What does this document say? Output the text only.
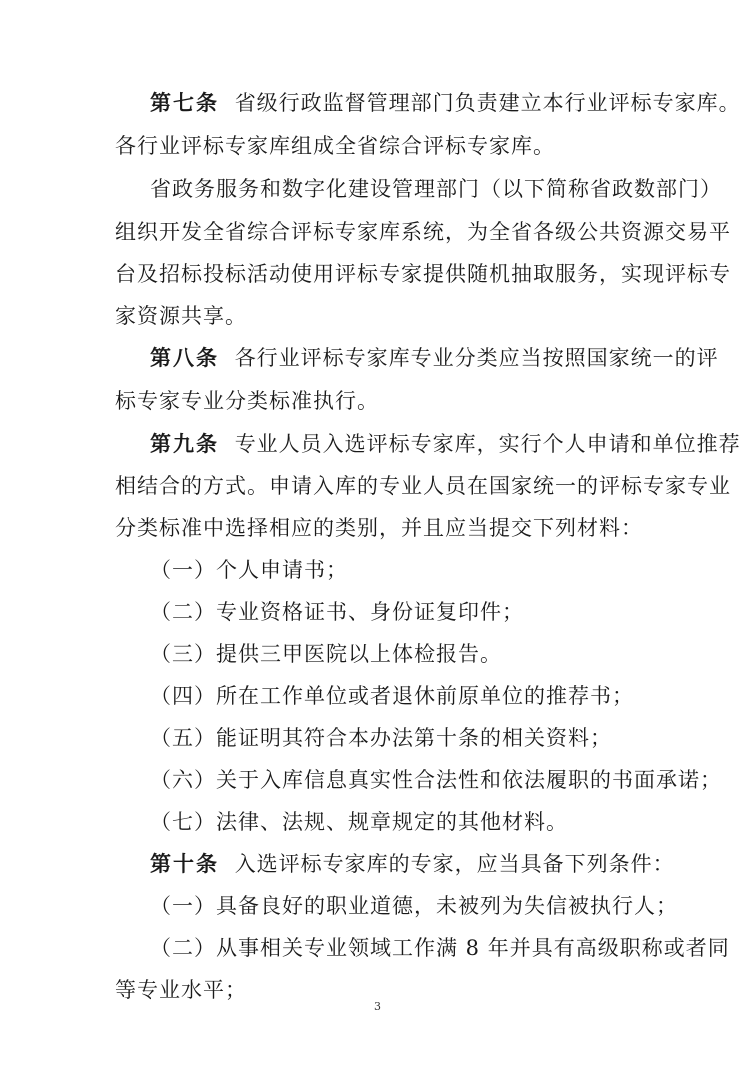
第七条 省级行政监督管理部门负责建立本行业评标专家库。
各行业评标专家库组成全省综合评标专家库。
省政务服务和数字化建设管理部门（以下简称省政数部门）
组织开发全省综合评标专家库系统，为全省各级公共资源交易平
台及招标投标活动使用评标专家提供随机抽取服务，实现评标专
家资源共享。
第八条 各行业评标专家库专业分类应当按照国家统一的评
标专家专业分类标准执行。
第九条 专业人员入选评标专家库，实行个人申请和单位推荐
相结合的方式。申请入库的专业人员在国家统一的评标专家专业
分类标准中选择相应的类别，并且应当提交下列材料：
（一）个人申请书；
（二）专业资格证书、身份证复印件；
（三）提供三甲医院以上体检报告。
（四）所在工作单位或者退休前原单位的推荐书；
（五）能证明其符合本办法第十条的相关资料；
（六）关于入库信息真实性合法性和依法履职的书面承诺；
（七）法律、法规、规章规定的其他材料。
第十条 入选评标专家库的专家，应当具备下列条件：
（一）具备良好的职业道德，未被列为失信被执行人；
（二）从事相关专业领域工作满 8 年并具有高级职称或者同
等专业水平；
3
